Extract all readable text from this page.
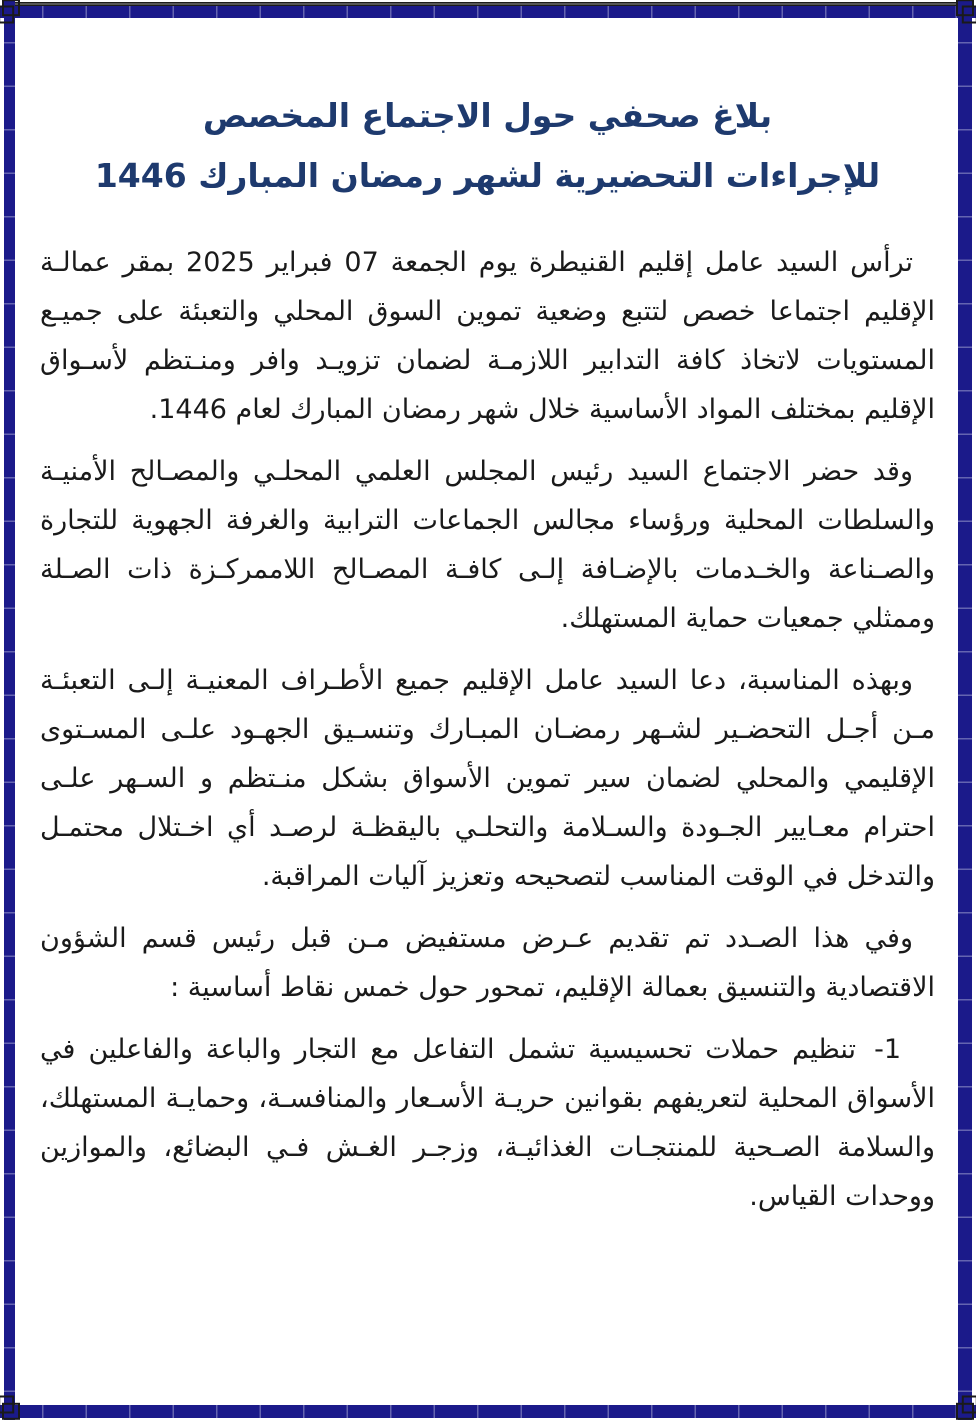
بلاغ صحفي حول الاجتماع المخصص
للإجراءات التحضيرية لشهر رمضان المبارك 1446

ترأس السيد عامل إقليم القنيطرة يوم الجمعة 07 فبراير 2025 بمقر عمالـة الإقليم اجتماعا خصص لتتبع وضعية تموين السوق المحلي والتعبئة على جميـع المستويات لاتخاذ كافة التدابير اللازمـة لضمان تزويـد وافر ومنـتظم لأسـواق الإقليم بمختلف المواد الأساسية خلال شهر رمضان المبارك لعام 1446.

وقد حضر الاجتماع السيد رئيس المجلس العلمي المحلـي والمصـالح الأمنيـة والسلطات المحلية ورؤساء مجالس الجماعات الترابية والغرفة الجهوية للتجارة والصـناعة والخـدمات بالإضـافة إلـى كافـة المصـالح اللاممركـزة ذات الصـلة وممثلي جمعيات حماية المستهلك.

وبهذه المناسبة، دعا السيد عامل الإقليم جميع الأطـراف المعنيـة إلـى التعبئـة مـن أجـل التحضـير لشـهر رمضـان المبـارك وتنسـيق الجهـود علـى المسـتوى الإقليمي والمحلي لضمان سير تموين الأسواق بشكل منـتظم و السـهر علـى احترام معـايير الجـودة والسـلامة والتحلـي باليقظـة لرصـد أي اخـتلال محتمـل والتدخل في الوقت المناسب لتصحيحه وتعزيز آليات المراقبة.

وفي هذا الصـدد تم تقديم عـرض مستفيض مـن قبل رئيس قسم الشؤون الاقتصادية والتنسيق بعمالة الإقليم، تمحور حول خمس نقاط أساسية :

1-تنظيم حملات تحسيسية تشمل التفاعل مع التجار والباعة والفاعلين في الأسواق المحلية لتعريفهم بقوانين حريـة الأسـعار والمنافسـة، وحمايـة المستهلك، والسلامة الصـحية للمنتجـات الغذائيـة، وزجـر الغـش فـي البضائع، والموازين ووحدات القياس.
